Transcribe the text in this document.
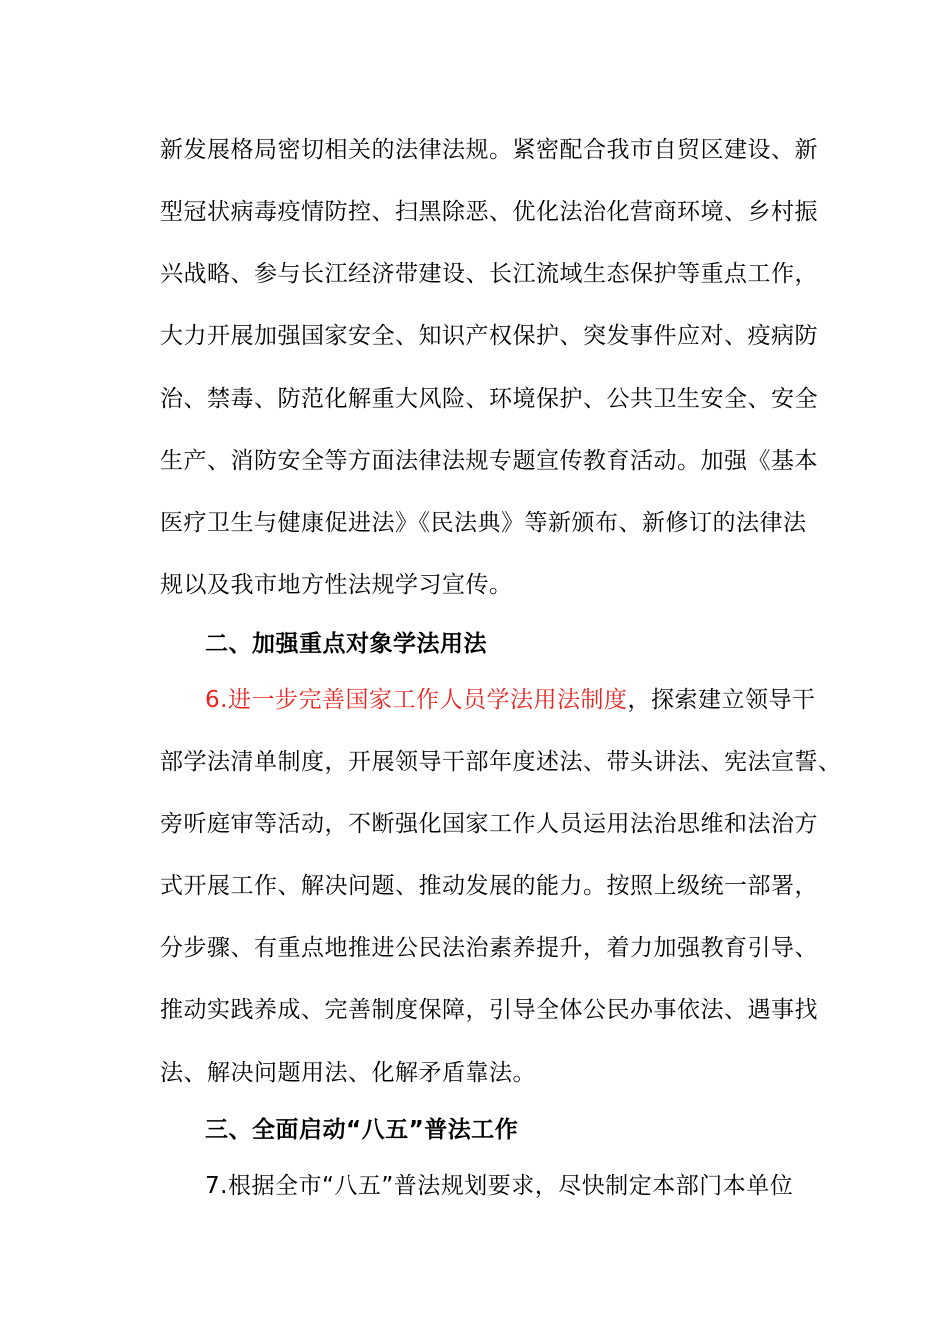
新发展格局密切相关的法律法规。紧密配合我市自贸区建设、新
型冠状病毒疫情防控、扫黑除恶、优化法治化营商环境、乡村振
兴战略、参与长江经济带建设、长江流域生态保护等重点工作，
大力开展加强国家安全、知识产权保护、突发事件应对、疫病防
治、禁毒、防范化解重大风险、环境保护、公共卫生安全、安全
生产、消防安全等方面法律法规专题宣传教育活动。加强《基本
医疗卫生与健康促进法》《民法典》等新颁布、新修订的法律法
规以及我市地方性法规学习宣传。
二、加强重点对象学法用法
6.进一步完善国家工作人员学法用法制度，探索建立领导干
部学法清单制度，开展领导干部年度述法、带头讲法、宪法宣誓、
旁听庭审等活动，不断强化国家工作人员运用法治思维和法治方
式开展工作、解决问题、推动发展的能力。按照上级统一部署，
分步骤、有重点地推进公民法治素养提升，着力加强教育引导、
推动实践养成、完善制度保障，引导全体公民办事依法、遇事找
法、解决问题用法、化解矛盾靠法。
三、全面启动“八五”普法工作
7.根据全市“八五”普法规划要求，尽快制定本部门本单位
